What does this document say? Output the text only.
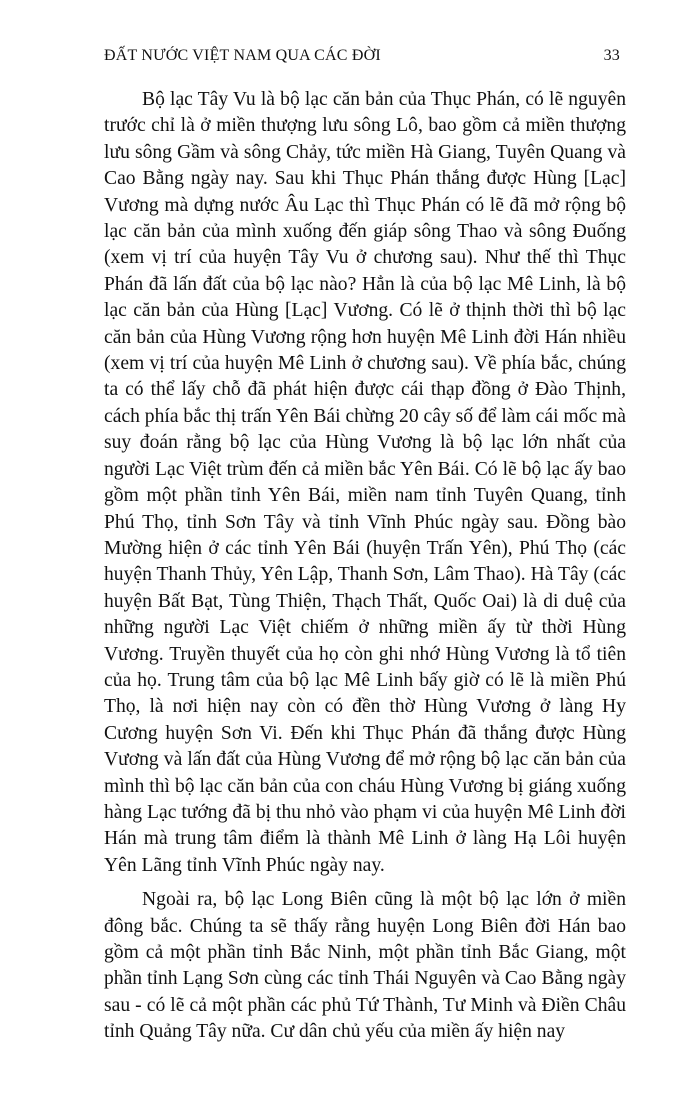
ĐẤT NƯỚC VIỆT NAM QUA CÁC ĐỜI	33

Bộ lạc Tây Vu là bộ lạc căn bản của Thục Phán, có lẽ nguyên trước chỉ là ở miền thượng lưu sông Lô, bao gồm cả miền thượng lưu sông Gầm và sông Chảy, tức miền Hà Giang, Tuyên Quang và Cao Bằng ngày nay. Sau khi Thục Phán thắng được Hùng [Lạc] Vương mà dựng nước Âu Lạc thì Thục Phán có lẽ đã mở rộng bộ lạc căn bản của mình xuống đến giáp sông Thao và sông Đuống (xem vị trí của huyện Tây Vu ở chương sau). Như thế thì Thục Phán đã lấn đất của bộ lạc nào? Hẳn là của bộ lạc Mê Linh, là bộ lạc căn bản của Hùng [Lạc] Vương. Có lẽ ở thịnh thời thì bộ lạc căn bản của Hùng Vương rộng hơn huyện Mê Linh đời Hán nhiều (xem vị trí của huyện Mê Linh ở chương sau). Về phía bắc, chúng ta có thể lấy chỗ đã phát hiện được cái thạp đồng ở Đào Thịnh, cách phía bắc thị trấn Yên Bái chừng 20 cây số để làm cái mốc mà suy đoán rằng bộ lạc của Hùng Vương là bộ lạc lớn nhất của người Lạc Việt trùm đến cả miền bắc Yên Bái. Có lẽ bộ lạc ấy bao gồm một phần tỉnh Yên Bái, miền nam tỉnh Tuyên Quang, tỉnh Phú Thọ, tỉnh Sơn Tây và tỉnh Vĩnh Phúc ngày sau. Đồng bào Mường hiện ở các tỉnh Yên Bái (huyện Trấn Yên), Phú Thọ (các huyện Thanh Thủy, Yên Lập, Thanh Sơn, Lâm Thao). Hà Tây (các huyện Bất Bạt, Tùng Thiện, Thạch Thất, Quốc Oai) là di duệ của những người Lạc Việt chiếm ở những miền ấy từ thời Hùng Vương. Truyền thuyết của họ còn ghi nhớ Hùng Vương là tổ tiên của họ. Trung tâm của bộ lạc Mê Linh bấy giờ có lẽ là miền Phú Thọ, là nơi hiện nay còn có đền thờ Hùng Vương ở làng Hy Cương huyện Sơn Vi. Đến khi Thục Phán đã thắng được Hùng Vương và lấn đất của Hùng Vương để mở rộng bộ lạc căn bản của mình thì bộ lạc căn bản của con cháu Hùng Vương bị giáng xuống hàng Lạc tướng đã bị thu nhỏ vào phạm vi của huyện Mê Linh đời Hán mà trung tâm điểm là thành Mê Linh ở làng Hạ Lôi huyện Yên Lãng tỉnh Vĩnh Phúc ngày nay.

Ngoài ra, bộ lạc Long Biên cũng là một bộ lạc lớn ở miền đông bắc. Chúng ta sẽ thấy rằng huyện Long Biên đời Hán bao gồm cả một phần tỉnh Bắc Ninh, một phần tỉnh Bắc Giang, một phần tỉnh Lạng Sơn cùng các tỉnh Thái Nguyên và Cao Bằng ngày sau - có lẽ cả một phần các phủ Tứ Thành, Tư Minh và Điền Châu tỉnh Quảng Tây nữa. Cư dân chủ yếu của miền ấy hiện nay
